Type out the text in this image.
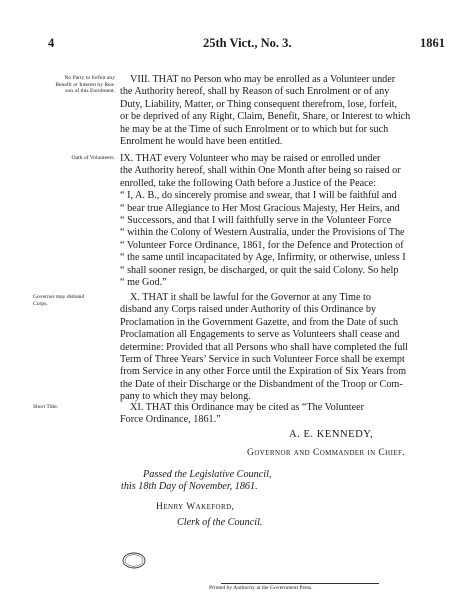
4	25th Vict., No. 3.	1861
No Party to forfeit any
Benefit or Interest by Rea-
son of this Enrolment.
VIII. THAT no Person who may be enrolled as a Volunteer under
the Authority hereof, shall by Reason of such Enrolment or of any
Duty, Liability, Matter, or Thing consequent therefrom, lose, forfeit,
or be deprived of any Right, Claim, Benefit, Share, or Interest to which
he may be at the Time of such Enrolment or to which but for such
Enrolment he would have been entitled.
Oath of Volunteers. IX. THAT every Volunteer who may be raised or enrolled under
the Authority hereof, shall within One Month after being so raised or
enrolled, take the following Oath before a Justice of the Peace:
“ I, A. B., do sincerely promise and swear, that I will be faithful and
“ bear true Allegiance to Her Most Gracious Majesty, Her Heirs, and
“ Successors, and that I will faithfully serve in the Volunteer Force
“ within the Colony of Western Australia, under the Provisions of The
“ Volunteer Force Ordinance, 1861, for the Defence and Protection of
“ the same until incapacitated by Age, Infirmity, or otherwise, unless I
“ shall sooner resign, be discharged, or quit the said Colony. So help
“ me God.”
Governor may disband
Corps.
X. THAT it shall be lawful for the Governor at any Time to
disband any Corps raised under Authority of this Ordinance by
Proclamation in the Government Gazette, and from the Date of such
Proclamation all Engagements to serve as Volunteers shall cease and
determine: Provided that all Persons who shall have completed the full
Term of Three Years’ Service in such Volunteer Force shall be exempt
from Service in any other Force until the Expiration of Six Years from
the Date of their Discharge or the Disbandment of the Troop or Com-
pany to which they may belong.
Short Title.	XI. THAT this Ordinance may be cited as “The Volunteer
Force Ordinance, 1861.”
A. E. KENNEDY,
Governor and Commander in Chief.
Passed the Legislative Council,
this 18th Day of November, 1861.
Henry Wakeford,
Clerk of the Council.
Printed by Authority at the Government Press.
